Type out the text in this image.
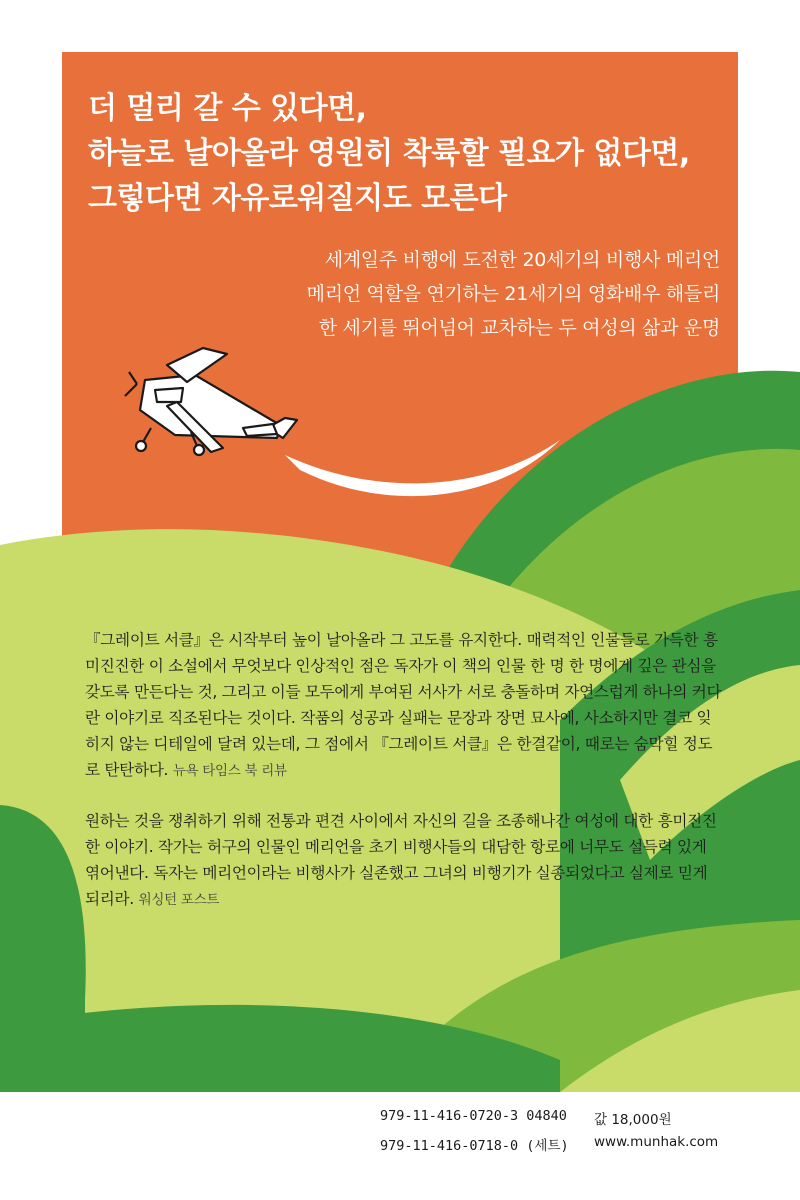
더 멀리 갈 수 있다면,
하늘로 날아올라 영원히 착륙할 필요가 없다면,
그렇다면 자유로워질지도 모른다
세계일주 비행에 도전한 20세기의 비행사 메리언
메리언 역할을 연기하는 21세기의 영화배우 해들리
한 세기를 뛰어넘어 교차하는 두 여성의 삶과 운명
『그레이트 서클』은 시작부터 높이 날아올라 그 고도를 유지한다. 매력적인 인물들로 가득한 흥미진진한 이 소설에서 무엇보다 인상적인 점은 독자가 이 책의 인물 한 명 한 명에게 깊은 관심을 갖도록 만든다는 것, 그리고 이들 모두에게 부여된 서사가 서로 충돌하며 자연스럽게 하나의 커다란 이야기로 직조된다는 것이다. 작품의 성공과 실패는 문장과 장면 묘사에, 사소하지만 결코 잊히지 않는 디테일에 달려 있는데, 그 점에서 『그레이트 서클』은 한결같이, 때로는 숨막힐 정도로 탄탄하다. 뉴욕 타임스 북 리뷰
원하는 것을 쟁취하기 위해 전통과 편견 사이에서 자신의 길을 조종해나간 여성에 대한 흥미진진한 이야기. 작가는 허구의 인물인 메리언을 초기 비행사들의 대담한 항로에 너무도 설득력 있게 엮어낸다. 독자는 메리언이라는 비행사가 실존했고 그녀의 비행기가 실종되었다고 실제로 믿게 되리라. 워싱턴 포스트
979-11-416-0720-3 04840
979-11-416-0718-0 (세트)
값 18,000원
www.munhak.com
